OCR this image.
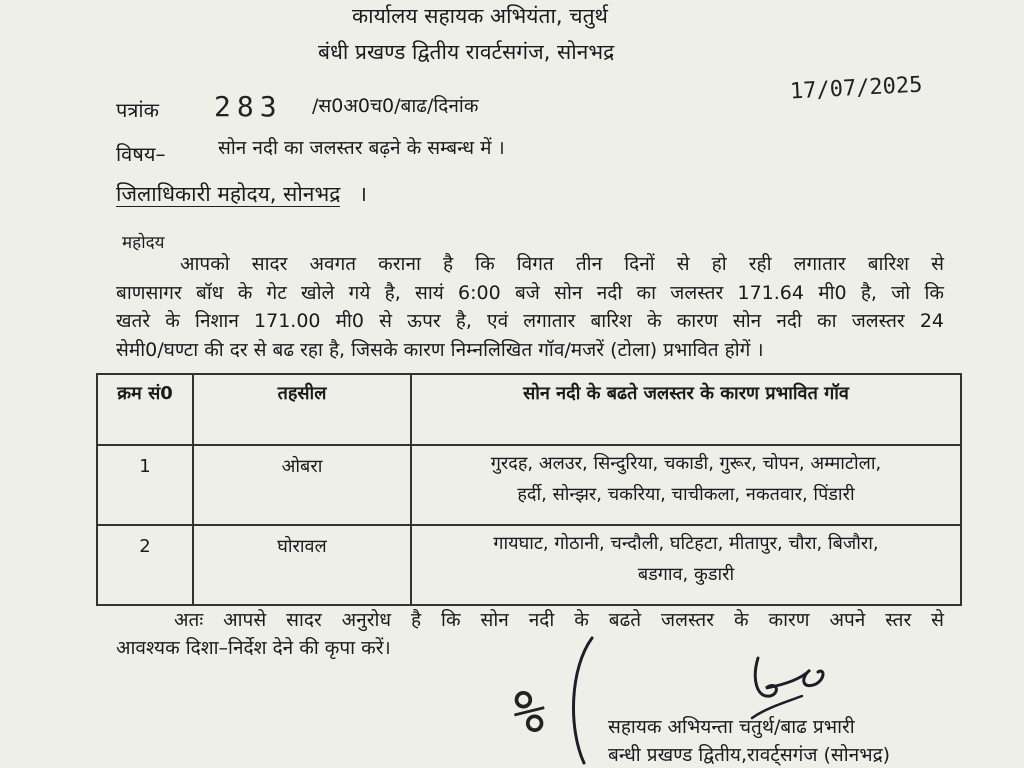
कार्यालय सहायक अभियंता, चतुर्थ
बंधी प्रखण्ड द्वितीय रावर्टसगंज, सोनभद्र
पत्रांक 283 /स0अ0च0/बाढ/दिनांक
17/07/2025
विषय–	सोन नदी का जलस्तर बढ़ने के सम्बन्ध में ।
जिलाधिकारी महोदय, सोनभद्र ।
महोदय
आपको सादर अवगत कराना है कि विगत तीन दिनों से हो रही लगातार बारिश से
बाणसागर बॉध के गेट खोले गये है, सायं 6:00 बजे सोन नदी का जलस्तर 171.64 मी0 है, जो कि
खतरे के निशान 171.00 मी0 से ऊपर है, एवं लगातार बारिश के कारण सोन नदी का जलस्तर 24
सेमी0/घण्टा की दर से बढ रहा है, जिसके कारण निम्नलिखित गॉव/मजरें (टोला) प्रभावित होगें ।
क्रम सं0	तहसील	सोन नदी के बढते जलस्तर के कारण प्रभावित गॉव
1	ओबरा	गुरदह, अलउर, सिन्दुरिया, चकाडी, गुरूर, चोपन, अम्माटोला,
हर्दी, सोन्झर, चकरिया, चाचीकला, नकतवार, पिंडारी

2	घोरावल	गायघाट, गोठानी, चन्दौली, घटिहटा, मीतापुर, चौरा, बिजौरा,
बडगाव, कुडारी
अतः आपसे सादर अनुरोध है कि सोन नदी के बढते जलस्तर के कारण अपने स्तर से
आवश्यक दिशा–निर्देश देने की कृपा करें।
%	सहायक अभियन्ता चतुर्थ/बाढ प्रभारी
बन्धी प्रखण्ड द्वितीय,रावर्ट्सगंज (सोनभद्र)
